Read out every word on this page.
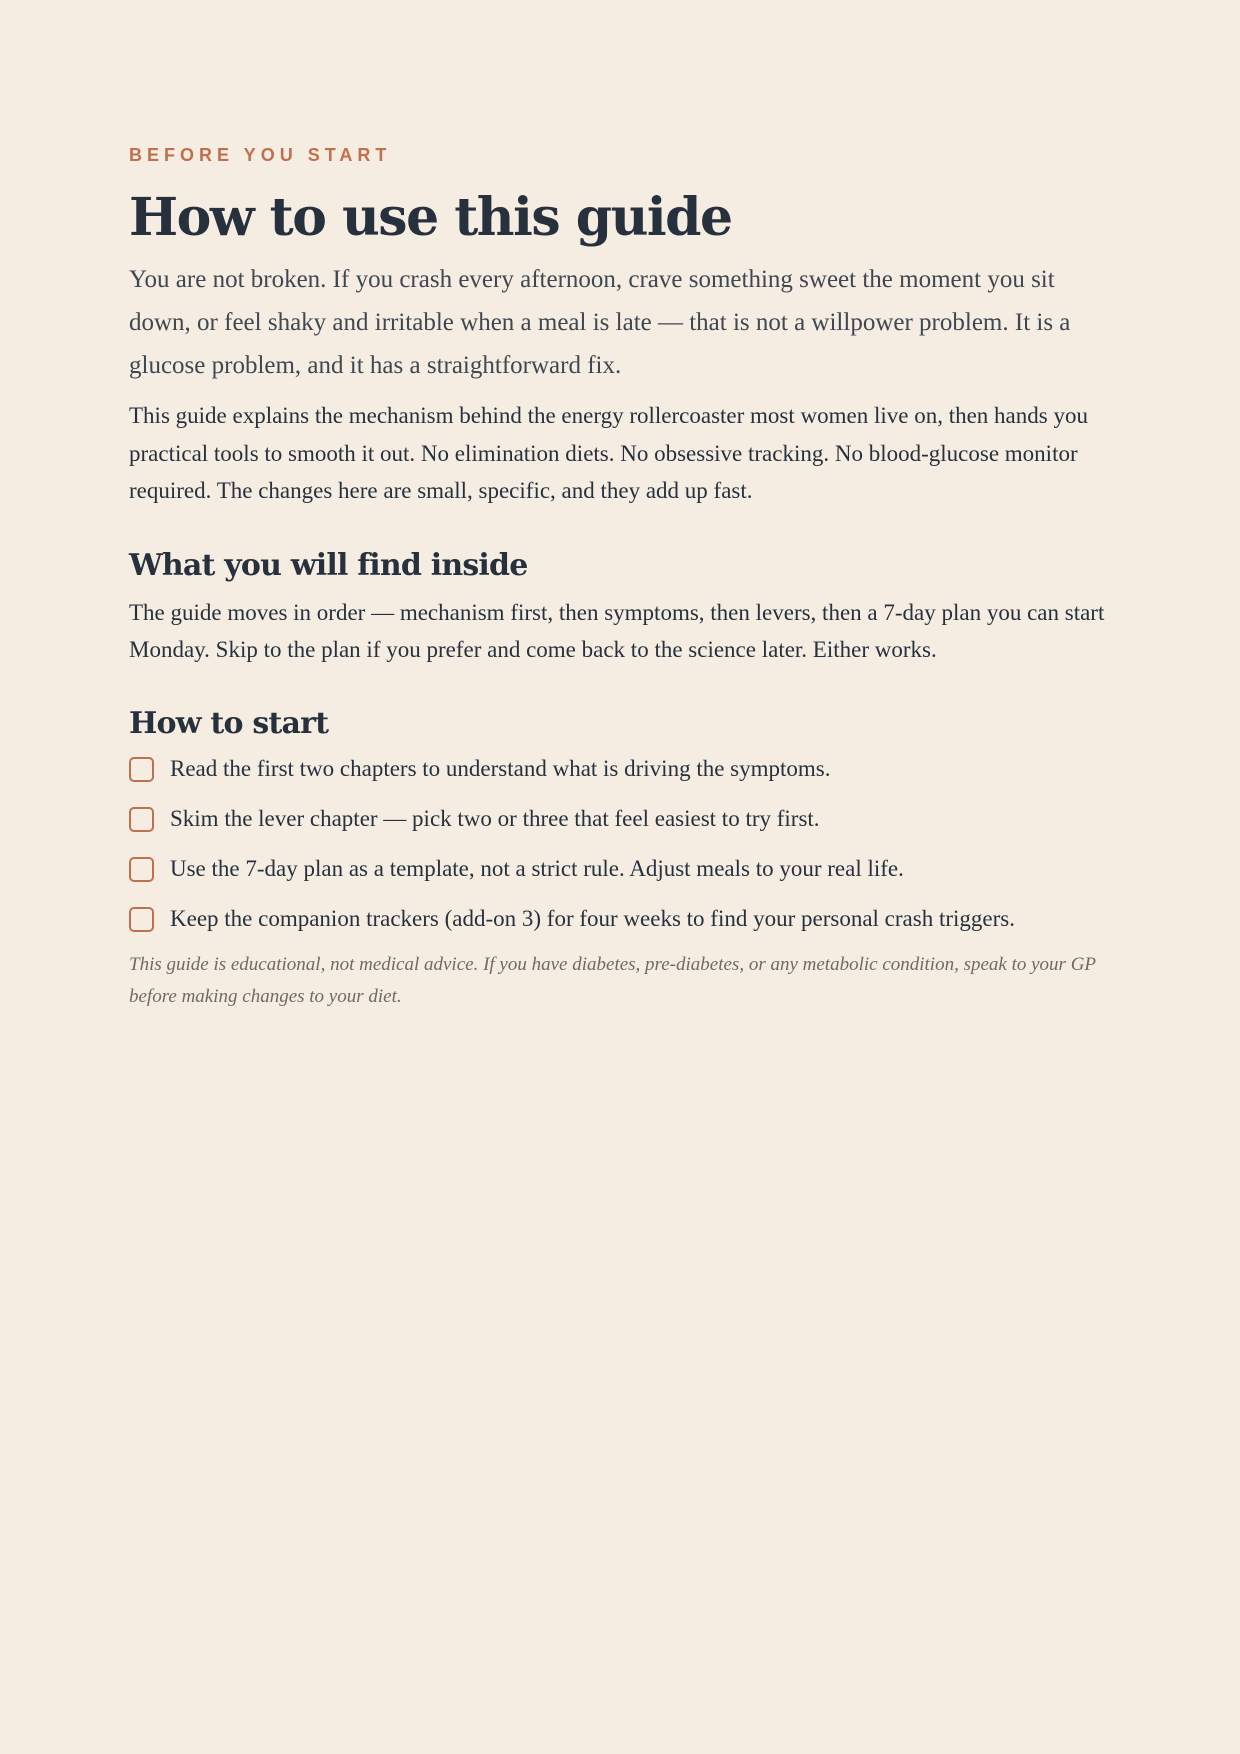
BEFORE YOU START
How to use this guide

You are not broken. If you crash every afternoon, crave something sweet the moment you sit down, or feel shaky and irritable when a meal is late — that is not a willpower problem. It is a glucose problem, and it has a straightforward fix.

This guide explains the mechanism behind the energy rollercoaster most women live on, then hands you practical tools to smooth it out. No elimination diets. No obsessive tracking. No blood-glucose monitor required. The changes here are small, specific, and they add up fast.

What you will find inside

The guide moves in order — mechanism first, then symptoms, then levers, then a 7-day plan you can start Monday. Skip to the plan if you prefer and come back to the science later. Either works.

How to start
Read the first two chapters to understand what is driving the symptoms.
Skim the lever chapter — pick two or three that feel easiest to try first.
Use the 7-day plan as a template, not a strict rule. Adjust meals to your real life.
Keep the companion trackers (add-on 3) for four weeks to find your personal crash triggers.

This guide is educational, not medical advice. If you have diabetes, pre-diabetes, or any metabolic condition, speak to your GP before making changes to your diet.
